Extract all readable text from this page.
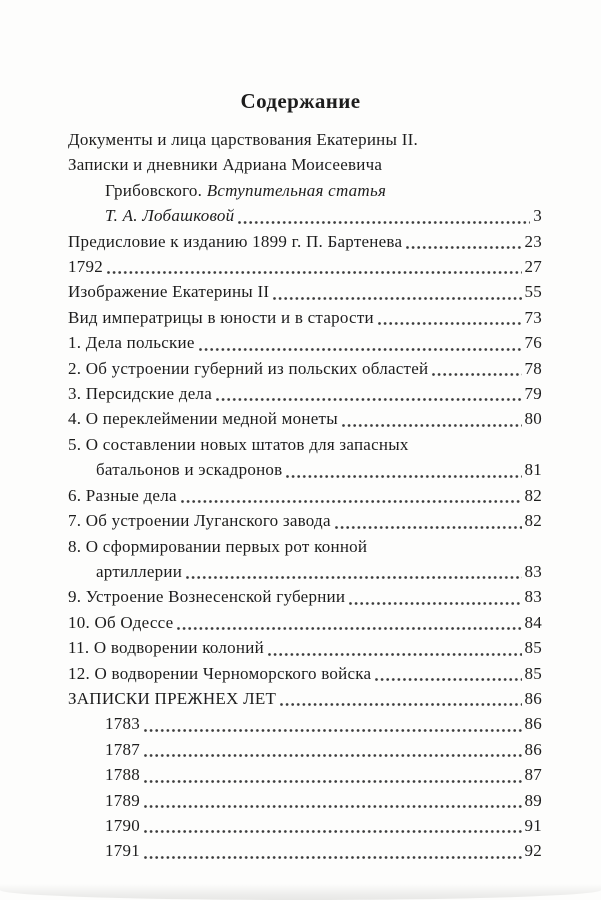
Содержание
Документы и лица царствования Екатерины II.
Записки и дневники Адриана Моисеевича
Грибовского. Вступительная статья
Т. А. Лобашковой	3
Предисловие к изданию 1899 г. П. Бартенева	23
1792	27
Изображение Екатерины II	55
Вид императрицы в юности и в старости	73
1. Дела польские	76
2. Об устроении губерний из польских областей	78
3. Персидские дела	79
4. О переклеймении медной монеты	80
5. О составлении новых штатов для запасных
батальонов и эскадронов	81
6. Разные дела	82
7. Об устроении Луганского завода	82
8. О сформировании первых рот конной
артиллерии	83
9. Устроение Вознесенской губернии	83
10. Об Одессе	84
11. О водворении колоний	85
12. О водворении Черноморского войска	85
ЗАПИСКИ ПРЕЖНЕХ ЛЕТ	86
1783	86
1787	86
1788	87
1789	89
1790	91
1791	92
